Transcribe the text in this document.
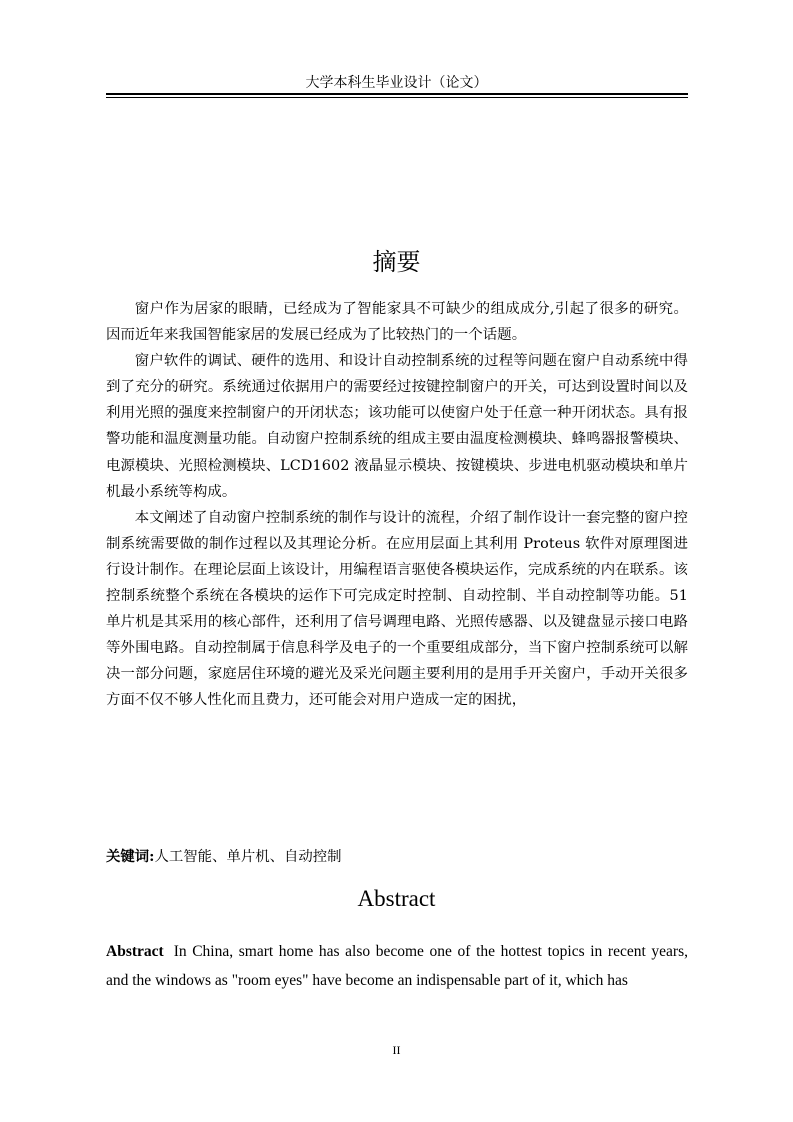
大学本科生毕业设计（论文）
摘要

窗户作为居家的眼睛，已经成为了智能家具不可缺少的组成成分,引起了很多的研究。因而近年来我国智能家居的发展已经成为了比较热门的一个话题。

窗户软件的调试、硬件的选用、和设计自动控制系统的过程等问题在窗户自动系统中得到了充分的研究。系统通过依据用户的需要经过按键控制窗户的开关，可达到设置时间以及利用光照的强度来控制窗户的开闭状态；该功能可以使窗户处于任意一种开闭状态。具有报警功能和温度测量功能。自动窗户控制系统的组成主要由温度检测模块、蜂鸣器报警模块、电源模块、光照检测模块、LCD1602 液晶显示模块、按键模块、步进电机驱动模块和单片机最小系统等构成。

本文阐述了自动窗户控制系统的制作与设计的流程，介绍了制作设计一套完整的窗户控制系统需要做的制作过程以及其理论分析。在应用层面上其利用 Proteus 软件对原理图进行设计制作。在理论层面上该设计，用编程语言驱使各模块运作，完成系统的内在联系。该控制系统整个系统在各模块的运作下可完成定时控制、自动控制、半自动控制等功能。51 单片机是其采用的核心部件，还利用了信号调理电路、光照传感器、以及键盘显示接口电路等外围电路。自动控制属于信息科学及电子的一个重要组成部分，当下窗户控制系统可以解决一部分问题，家庭居住环境的避光及采光问题主要利用的是用手开关窗户，手动开关很多方面不仅不够人性化而且费力，还可能会对用户造成一定的困扰，

关键词:人工智能、单片机、自动控制
Abstract
Abstract In China, smart home has also become one of the hottest topics in recent years, and the windows as "room eyes" have become an indispensable part of it, which has
II
